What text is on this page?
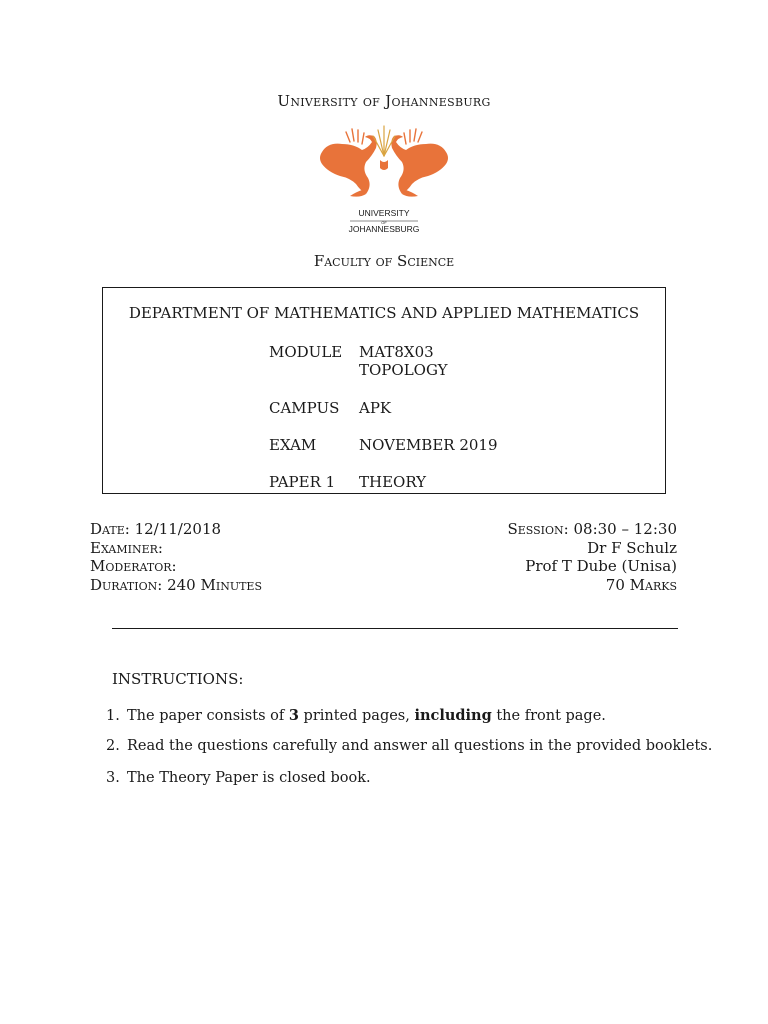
University of Johannesburg
UNIVERSITY
OF
JOHANNESBURG
Faculty of Science
DEPARTMENT OF MATHEMATICS AND APPLIED MATHEMATICS
MODULE MAT8X03
TOPOLOGY
CAMPUS APK
EXAM	NOVEMBER 2019
PAPER 1 THEORY
Date: 12/11/2018
Examiner:
Moderator:
Duration: 240 Minutes
Session: 08:30 – 12:30
Dr F Schulz
Prof T Dube (Unisa)
70 Marks
INSTRUCTIONS:
1. The paper consists of 3 printed pages, including the front page.
2. Read the questions carefully and answer all questions in the provided booklets.
3. The Theory Paper is closed book.
